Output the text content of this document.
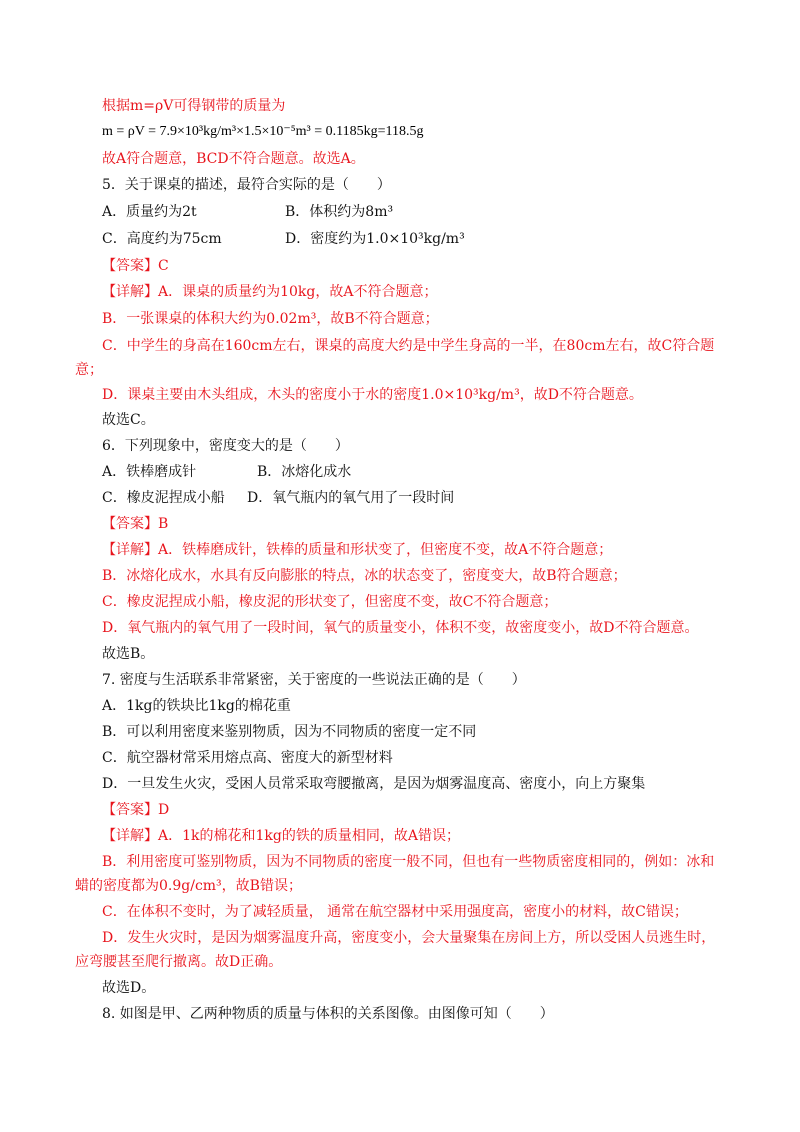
根据m=ρV可得钢带的质量为
m = ρV = 7.9×10³kg/m³×1.5×10⁻⁵m³ = 0.1185kg=118.5g
故A符合题意，BCD不符合题意。故选A。
5．关于课桌的描述，最符合实际的是（　　）
A．质量约为2t	B．体积约为8m³
C．高度约为75cm	D．密度约为1.0×10³kg/m³
【答案】C
【详解】A．课桌的质量约为10kg，故A不符合题意；
B．一张课桌的体积大约为0.02m³，故B不符合题意；
C．中学生的身高在160cm左右，课桌的高度大约是中学生身高的一半，在80cm左右，故C符合题
意；
D．课桌主要由木头组成，木头的密度小于水的密度1.0×10³kg/m³，故D不符合题意。
故选C。
6．下列现象中，密度变大的是（　　）
A．铁棒磨成针	B．冰熔化成水
C．橡皮泥捏成小船 D．氧气瓶内的氧气用了一段时间
【答案】B
【详解】A．铁棒磨成针，铁棒的质量和形状变了，但密度不变，故A不符合题意；
B．冰熔化成水，水具有反向膨胀的特点，冰的状态变了，密度变大，故B符合题意；
C．橡皮泥捏成小船，橡皮泥的形状变了，但密度不变，故C不符合题意；
D．氧气瓶内的氧气用了一段时间，氧气的质量变小，体积不变，故密度变小，故D不符合题意。
故选B。
7. 密度与生活联系非常紧密，关于密度的一些说法正确的是（　　）
A．1kg的铁块比1kg的棉花重
B．可以利用密度来鉴别物质，因为不同物质的密度一定不同
C．航空器材常采用熔点高、密度大的新型材料
D．一旦发生火灾，受困人员常采取弯腰撤离，是因为烟雾温度高、密度小，向上方聚集
【答案】D
【详解】A．1k的棉花和1kg的铁的质量相同，故A错误；
B．利用密度可鉴别物质，因为不同物质的密度一般不同，但也有一些物质密度相同的，例如：冰和
蜡的密度都为0.9g/cm³，故B错误；
C．在体积不变时，为了减轻质量， 通常在航空器材中采用强度高，密度小的材料，故C错误；
D．发生火灾时，是因为烟雾温度升高，密度变小，会大量聚集在房间上方，所以受困人员逃生时，
应弯腰甚至爬行撤离。故D正确。
故选D。
8. 如图是甲、乙两种物质的质量与体积的关系图像。由图像可知（　　）
